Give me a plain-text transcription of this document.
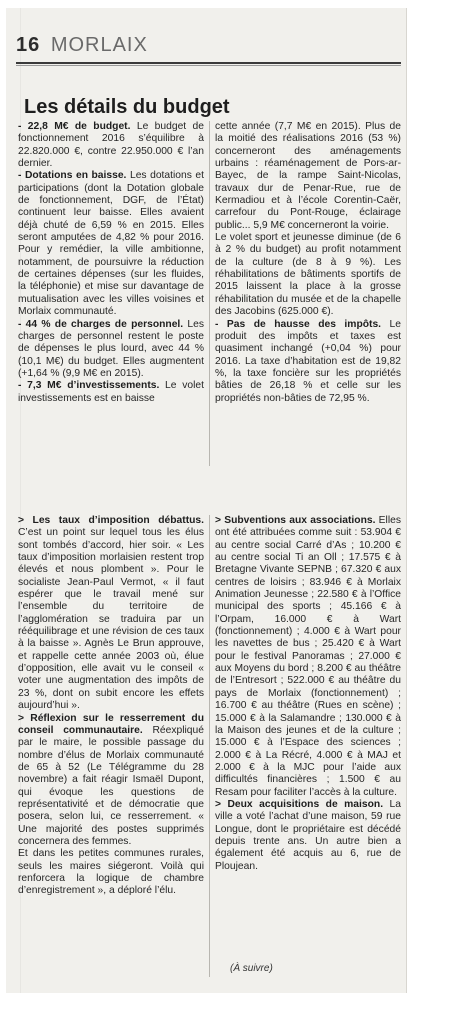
16 MORLAIX
Les détails du budget

- 22,8 M€ de budget. Le budget de fonctionnement 2016 s’équilibre à 22.820.000 €, contre 22.950.000 € l’an dernier.

- Dotations en baisse. Les dotations et participations (dont la Dotation globale de fonctionnement, DGF, de l’État) continuent leur baisse. Elles avaient déjà chuté de 6,59 % en 2015. Elles seront amputées de 4,82 % pour 2016. Pour y remédier, la ville ambitionne, notamment, de poursuivre la réduction de certaines dépenses (sur les fluides, la téléphonie) et mise sur davantage de mutualisation avec les villes voisines et Morlaix communauté.

- 44 % de charges de personnel. Les charges de personnel restent le poste de dépenses le plus lourd, avec 44 % (10,1 M€) du budget. Elles augmentent (+1,64 % (9,9 M€ en 2015).

- 7,3 M€ d’investissements. Le volet investissements est en baisse

cette année (7,7 M€ en 2015). Plus de la moitié des réalisations 2016 (53 %) concerneront des aménagements urbains : réaménagement de Pors-ar-Bayec, de la rampe Saint-Nicolas, travaux dur de Penar-Rue, rue de Kermadiou et à l’école Corentin-Caër, carrefour du Pont-Rouge, éclairage public... 5,9 M€ concerneront la voirie.

Le volet sport et jeunesse diminue (de 6 à 2 % du budget) au profit notamment de la culture (de 8 à 9 %). Les réhabilitations de bâtiments sportifs de 2015 laissent la place à la grosse réhabilitation du musée et de la chapelle des Jacobins (625.000 €).

- Pas de hausse des impôts. Le produit des impôts et taxes est quasiment inchangé (+0,04 %) pour 2016. La taxe d’habitation est de 19,82 %, la taxe foncière sur les propriétés bâties de 26,18 % et celle sur les propriétés non-bâties de 72,95 %.

> Les taux d’imposition débattus. C’est un point sur lequel tous les élus sont tombés d’accord, hier soir. « Les taux d’imposition morlaisien restent trop élevés et nous plombent ». Pour le socialiste Jean-Paul Vermot, « il faut espérer que le travail mené sur l’ensemble du territoire de l’agglomération se traduira par un rééquilibrage et une révision de ces taux à la baisse ». Agnès Le Brun approuve, et rappelle cette année 2003 où, élue d’opposition, elle avait vu le conseil « voter une augmentation des impôts de 23 %, dont on subit encore les effets aujourd’hui ».

> Réflexion sur le resserrement du conseil communautaire. Réexpliqué par le maire, le possible passage du nombre d’élus de Morlaix communauté de 65 à 52 (Le Télégramme du 28 novembre) a fait réagir Ismaël Dupont, qui évoque les questions de représentativité et de démocratie que posera, selon lui, ce resserrement. « Une majorité des postes supprimés concernera des femmes.

Et dans les petites communes rurales, seuls les maires siégeront. Voilà qui renforcera la logique de chambre d’enregistrement », a déploré l’élu.

> Subventions aux associations. Elles ont été attribuées comme suit : 53.904 € au centre social Carré d’As ; 10.200 € au centre social Ti an Oll ; 17.575 € à Bretagne Vivante SEPNB ; 67.320 € aux centres de loisirs ; 83.946 € à Morlaix Animation Jeunesse ; 22.580 € à l’Office municipal des sports ; 45.166 € à l’Orpam, 16.000 € à Wart (fonctionnement) ; 4.000 € à Wart pour les navettes de bus ; 25.420 € à Wart pour le festival Panoramas ; 27.000 € aux Moyens du bord ; 8.200 € au théâtre de l’Entresort ; 522.000 € au théâtre du pays de Morlaix (fonctionnement) ; 16.700 € au théâtre (Rues en scène) ; 15.000 € à la Salamandre ; 130.000 € à la Maison des jeunes et de la culture ; 15.000 € à l’Espace des sciences ; 2.000 € à La Récré, 4.000 € à MAJ et 2.000 € à la MJC pour l’aide aux difficultés financières ; 1.500 € au Resam pour faciliter l’accès à la culture.

> Deux acquisitions de maison. La ville a voté l’achat d’une maison, 59 rue Longue, dont le propriétaire est décédé depuis trente ans. Un autre bien a également été acquis au 6, rue de Ploujean.

(À suivre)
